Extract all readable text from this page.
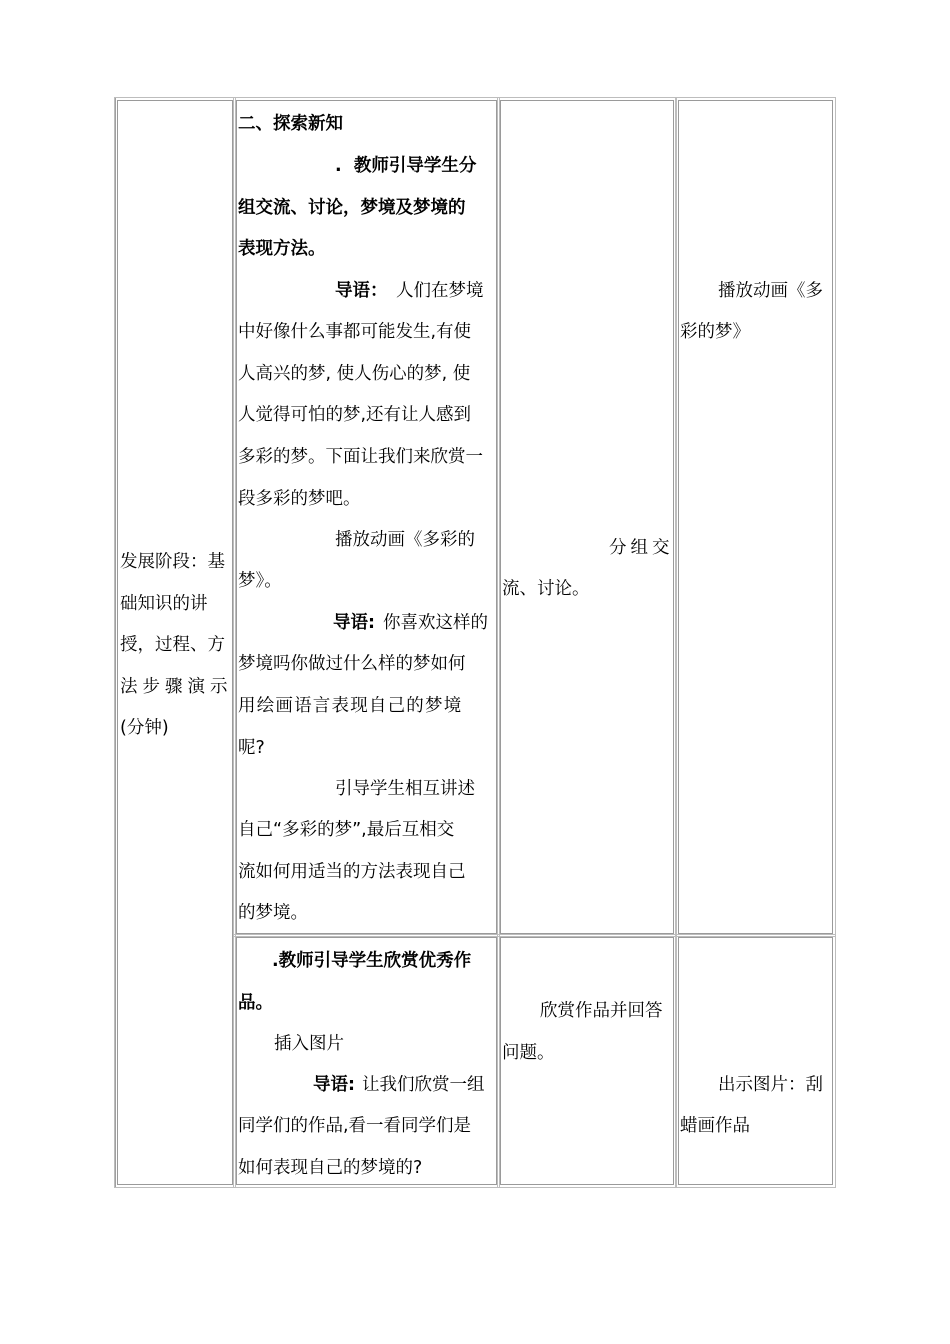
发展阶段：基
础知识的讲
授，过程、方
法步骤演示
(分钟)
二、探索新知
.  教师引导学生分
组交流、讨论，梦境及梦境的
表现方法。
导语： 人们在梦境
中好像什么事都可能发生,有使
人高兴的梦, 使人伤心的梦, 使
人觉得可怕的梦,还有让人感到
多彩的梦。下面让我们来欣赏一
段多彩的梦吧。
播放动画《多彩的
梦》。
导语: 你喜欢这样的
梦境吗你做过什么样的梦如何
用绘画语言表现自己的梦境
呢?
引导学生相互讲述
自己“多彩的梦”,最后互相交
流如何用适当的方法表现自己
的梦境。
分组交
流、讨论。
播放动画《多
彩的梦》
.教师引导学生欣赏优秀作
品。
插入图片
导语: 让我们欣赏一组
同学们的作品,看一看同学们是
如何表现自己的梦境的?
欣赏作品并回答
问题。
出示图片：刮
蜡画作品
